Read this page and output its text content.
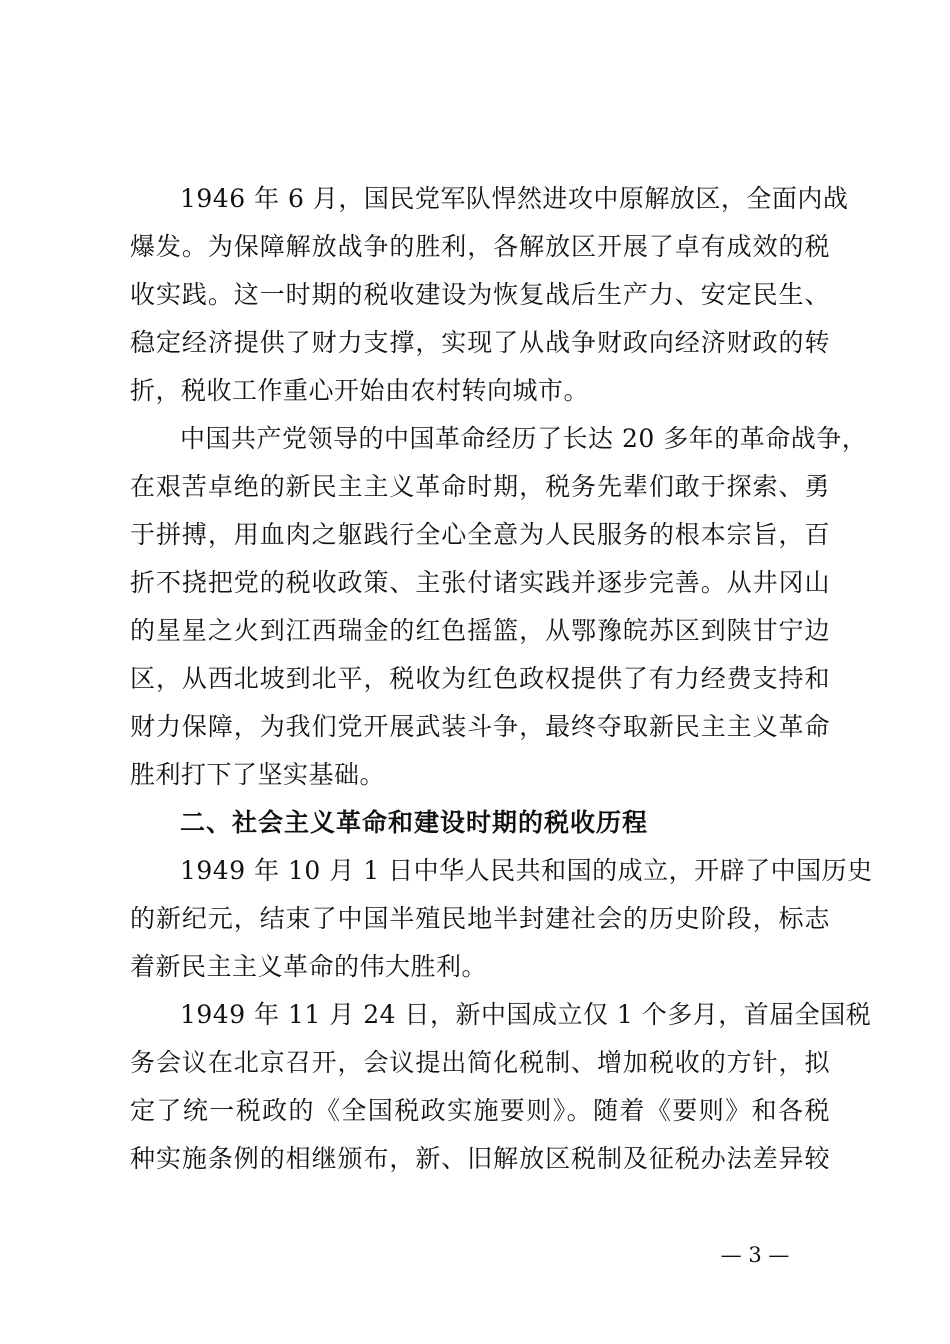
1946 年 6 月，国民党军队悍然进攻中原解放区，全面内战
爆发。为保障解放战争的胜利，各解放区开展了卓有成效的税
收实践。这一时期的税收建设为恢复战后生产力、安定民生、
稳定经济提供了财力支撑，实现了从战争财政向经济财政的转
折，税收工作重心开始由农村转向城市。
中国共产党领导的中国革命经历了长达 20 多年的革命战争，
在艰苦卓绝的新民主主义革命时期，税务先辈们敢于探索、勇
于拼搏，用血肉之躯践行全心全意为人民服务的根本宗旨，百
折不挠把党的税收政策、主张付诸实践并逐步完善。从井冈山
的星星之火到江西瑞金的红色摇篮，从鄂豫皖苏区到陕甘宁边
区，从西北坡到北平，税收为红色政权提供了有力经费支持和
财力保障，为我们党开展武装斗争，最终夺取新民主主义革命
胜利打下了坚实基础。
二、社会主义革命和建设时期的税收历程
1949 年 10 月 1 日中华人民共和国的成立，开辟了中国历史
的新纪元，结束了中国半殖民地半封建社会的历史阶段，标志
着新民主主义革命的伟大胜利。
1949 年 11 月 24 日，新中国成立仅 1 个多月，首届全国税
务会议在北京召开，会议提出简化税制、增加税收的方针，拟
定了统一税政的《全国税政实施要则》。随着《要则》和各税
种实施条例的相继颁布，新、旧解放区税制及征税办法差异较
— 3 —
